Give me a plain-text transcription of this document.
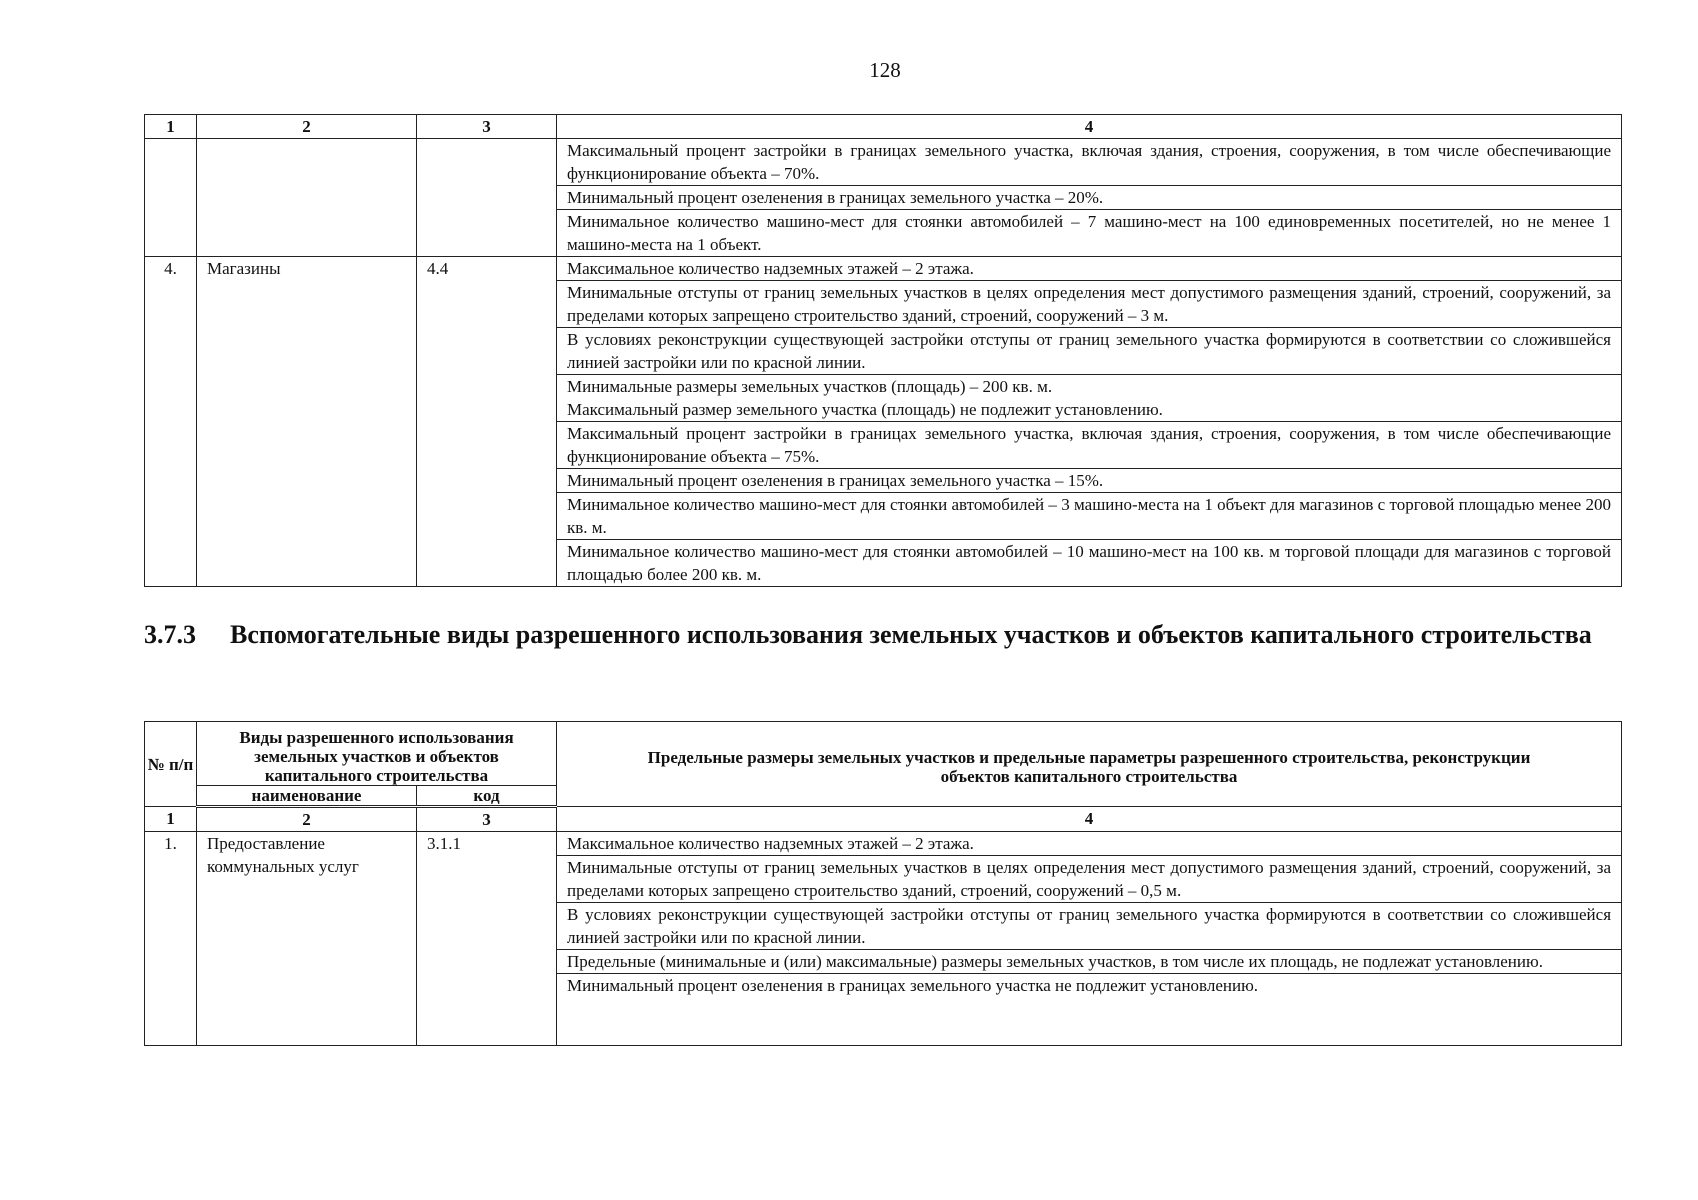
128
1	2	3	4
			Максимальный процент застройки в границах земельного участка, включая здания, строения, сооружения, в том числе обеспечивающие функционирование объекта – 70%.
			Минимальный процент озеленения в границах земельного участка – 20%.
			Минимальное количество машино-мест для стоянки автомобилей – 7 машино-мест на 100 единовременных посетителей, но не менее 1 машино-места на 1 объект.
4.	Магазины	4.4	Максимальное количество надземных этажей – 2 этажа.
			Минимальные отступы от границ земельных участков в целях определения мест допустимого размещения зданий, строений, сооружений, за пределами которых запрещено строительство зданий, строений, сооружений – 3 м.
			В условиях реконструкции существующей застройки отступы от границ земельного участка формируются в соответствии со сложившейся линией застройки или по красной линии.

			Минимальные размеры земельных участков (площадь) – 200 кв. м.
Максимальный размер земельного участка (площадь) не подлежит установлению.

			Максимальный процент застройки в границах земельного участка, включая здания, строения, сооружения, в том числе обеспечивающие функционирование объекта – 75%.
			Минимальный процент озеленения в границах земельного участка – 15%.
			Минимальное количество машино-мест для стоянки автомобилей – 3 машино-места на 1 объект для магазинов с торговой площадью менее 200 кв. м.
			Минимальное количество машино-мест для стоянки автомобилей – 10 машино-мест на 100 кв. м торговой площади для магазинов с торговой площадью более 200 кв. м.
3.7.3	Вспомогательные виды разрешенного использования земельных участков и объектов капитального строительства
№ п/п	Виды разрешенного использования земельных участков и объектов капитального строительства		Предельные размеры земельных участков и предельные параметры разрешенного строительства, реконструкции объектов капитального строительства
	наименование	код	
1	2	3	4
1.	Предоставление коммунальных услуг	3.1.1	Максимальное количество надземных этажей – 2 этажа.
			Минимальные отступы от границ земельных участков в целях определения мест допустимого размещения зданий, строений, сооружений, за пределами которых запрещено строительство зданий, строений, сооружений – 0,5 м.
			В условиях реконструкции существующей застройки отступы от границ земельного участка формируются в соответствии со сложившейся линией застройки или по красной линии.
			Предельные (минимальные и (или) максимальные) размеры земельных участков, в том числе их площадь, не подлежат установлению.

			Минимальный процент озеленения в границах земельного участка не подлежит установлению.
